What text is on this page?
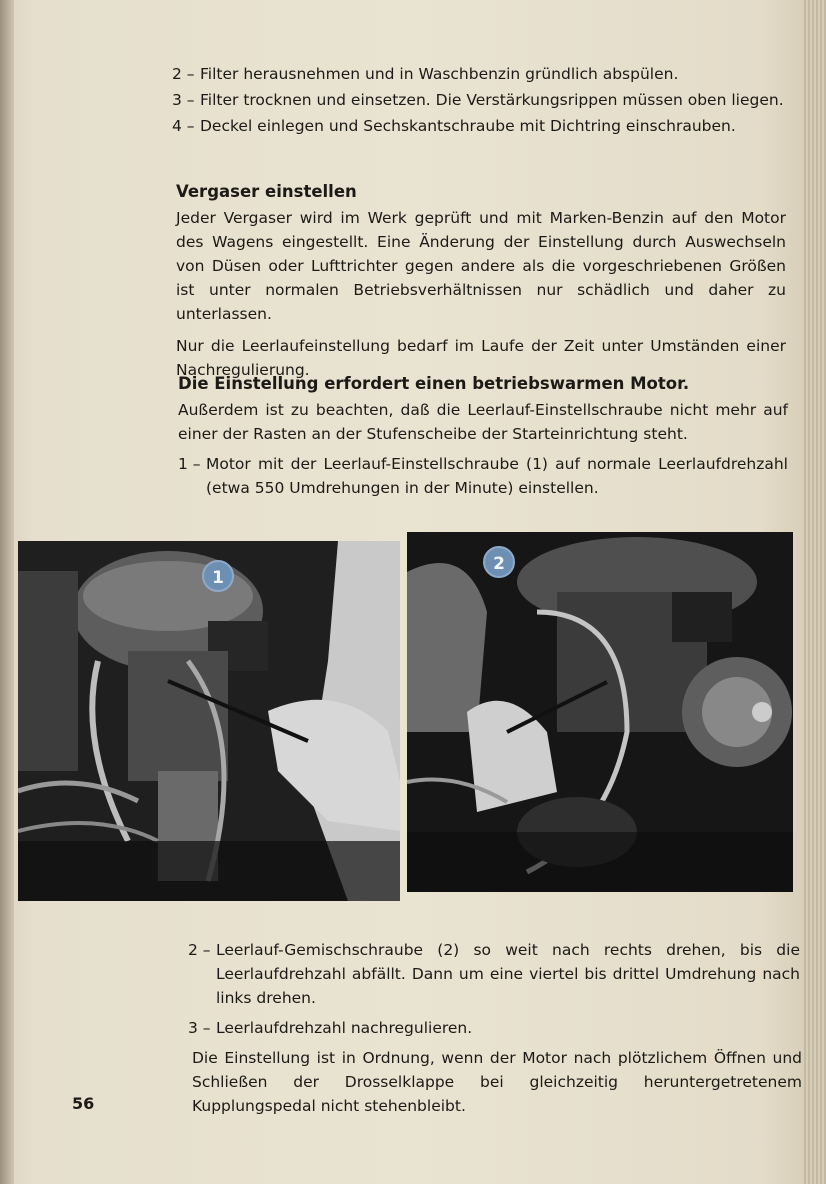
2 – Filter herausnehmen und in Waschbenzin gründlich abspülen.
3 – Filter trocknen und einsetzen. Die Verstärkungsrippen müssen oben liegen.
4 – Deckel einlegen und Sechskantschraube mit Dichtring einschrauben.
Vergaser einstellen

Jeder Vergaser wird im Werk geprüft und mit Marken-Benzin auf den Motor des Wagens eingestellt. Eine Änderung der Einstellung durch Auswechseln von Düsen oder Lufttrichter gegen andere als die vorgeschriebenen Größen ist unter normalen Betriebsverhältnissen nur schädlich und daher zu unterlassen.

Nur die Leerlaufeinstellung bedarf im Laufe der Zeit unter Umständen einer Nachregulierung.

Die Einstellung erfordert einen betriebswarmen Motor.

Außerdem ist zu beachten, daß die Leerlauf-Einstellschraube nicht mehr auf einer der Rasten an der Stufenscheibe der Starteinrichtung steht.

1 – Motor mit der Leerlauf-Einstellschraube (1) auf normale Leerlaufdrehzahl (etwa 550 Umdrehungen in der Minute) einstellen.
1
2
2 – Leerlauf-Gemischschraube (2) so weit nach rechts drehen, bis die Leerlaufdrehzahl abfällt. Dann um eine viertel bis drittel Umdrehung nach links drehen.
3 – Leerlaufdrehzahl nachregulieren.

Die Einstellung ist in Ordnung, wenn der Motor nach plötzlichem Öffnen und Schließen der Drosselklappe bei gleichzeitig heruntergetretenem Kupplungspedal nicht stehenbleibt.

56
